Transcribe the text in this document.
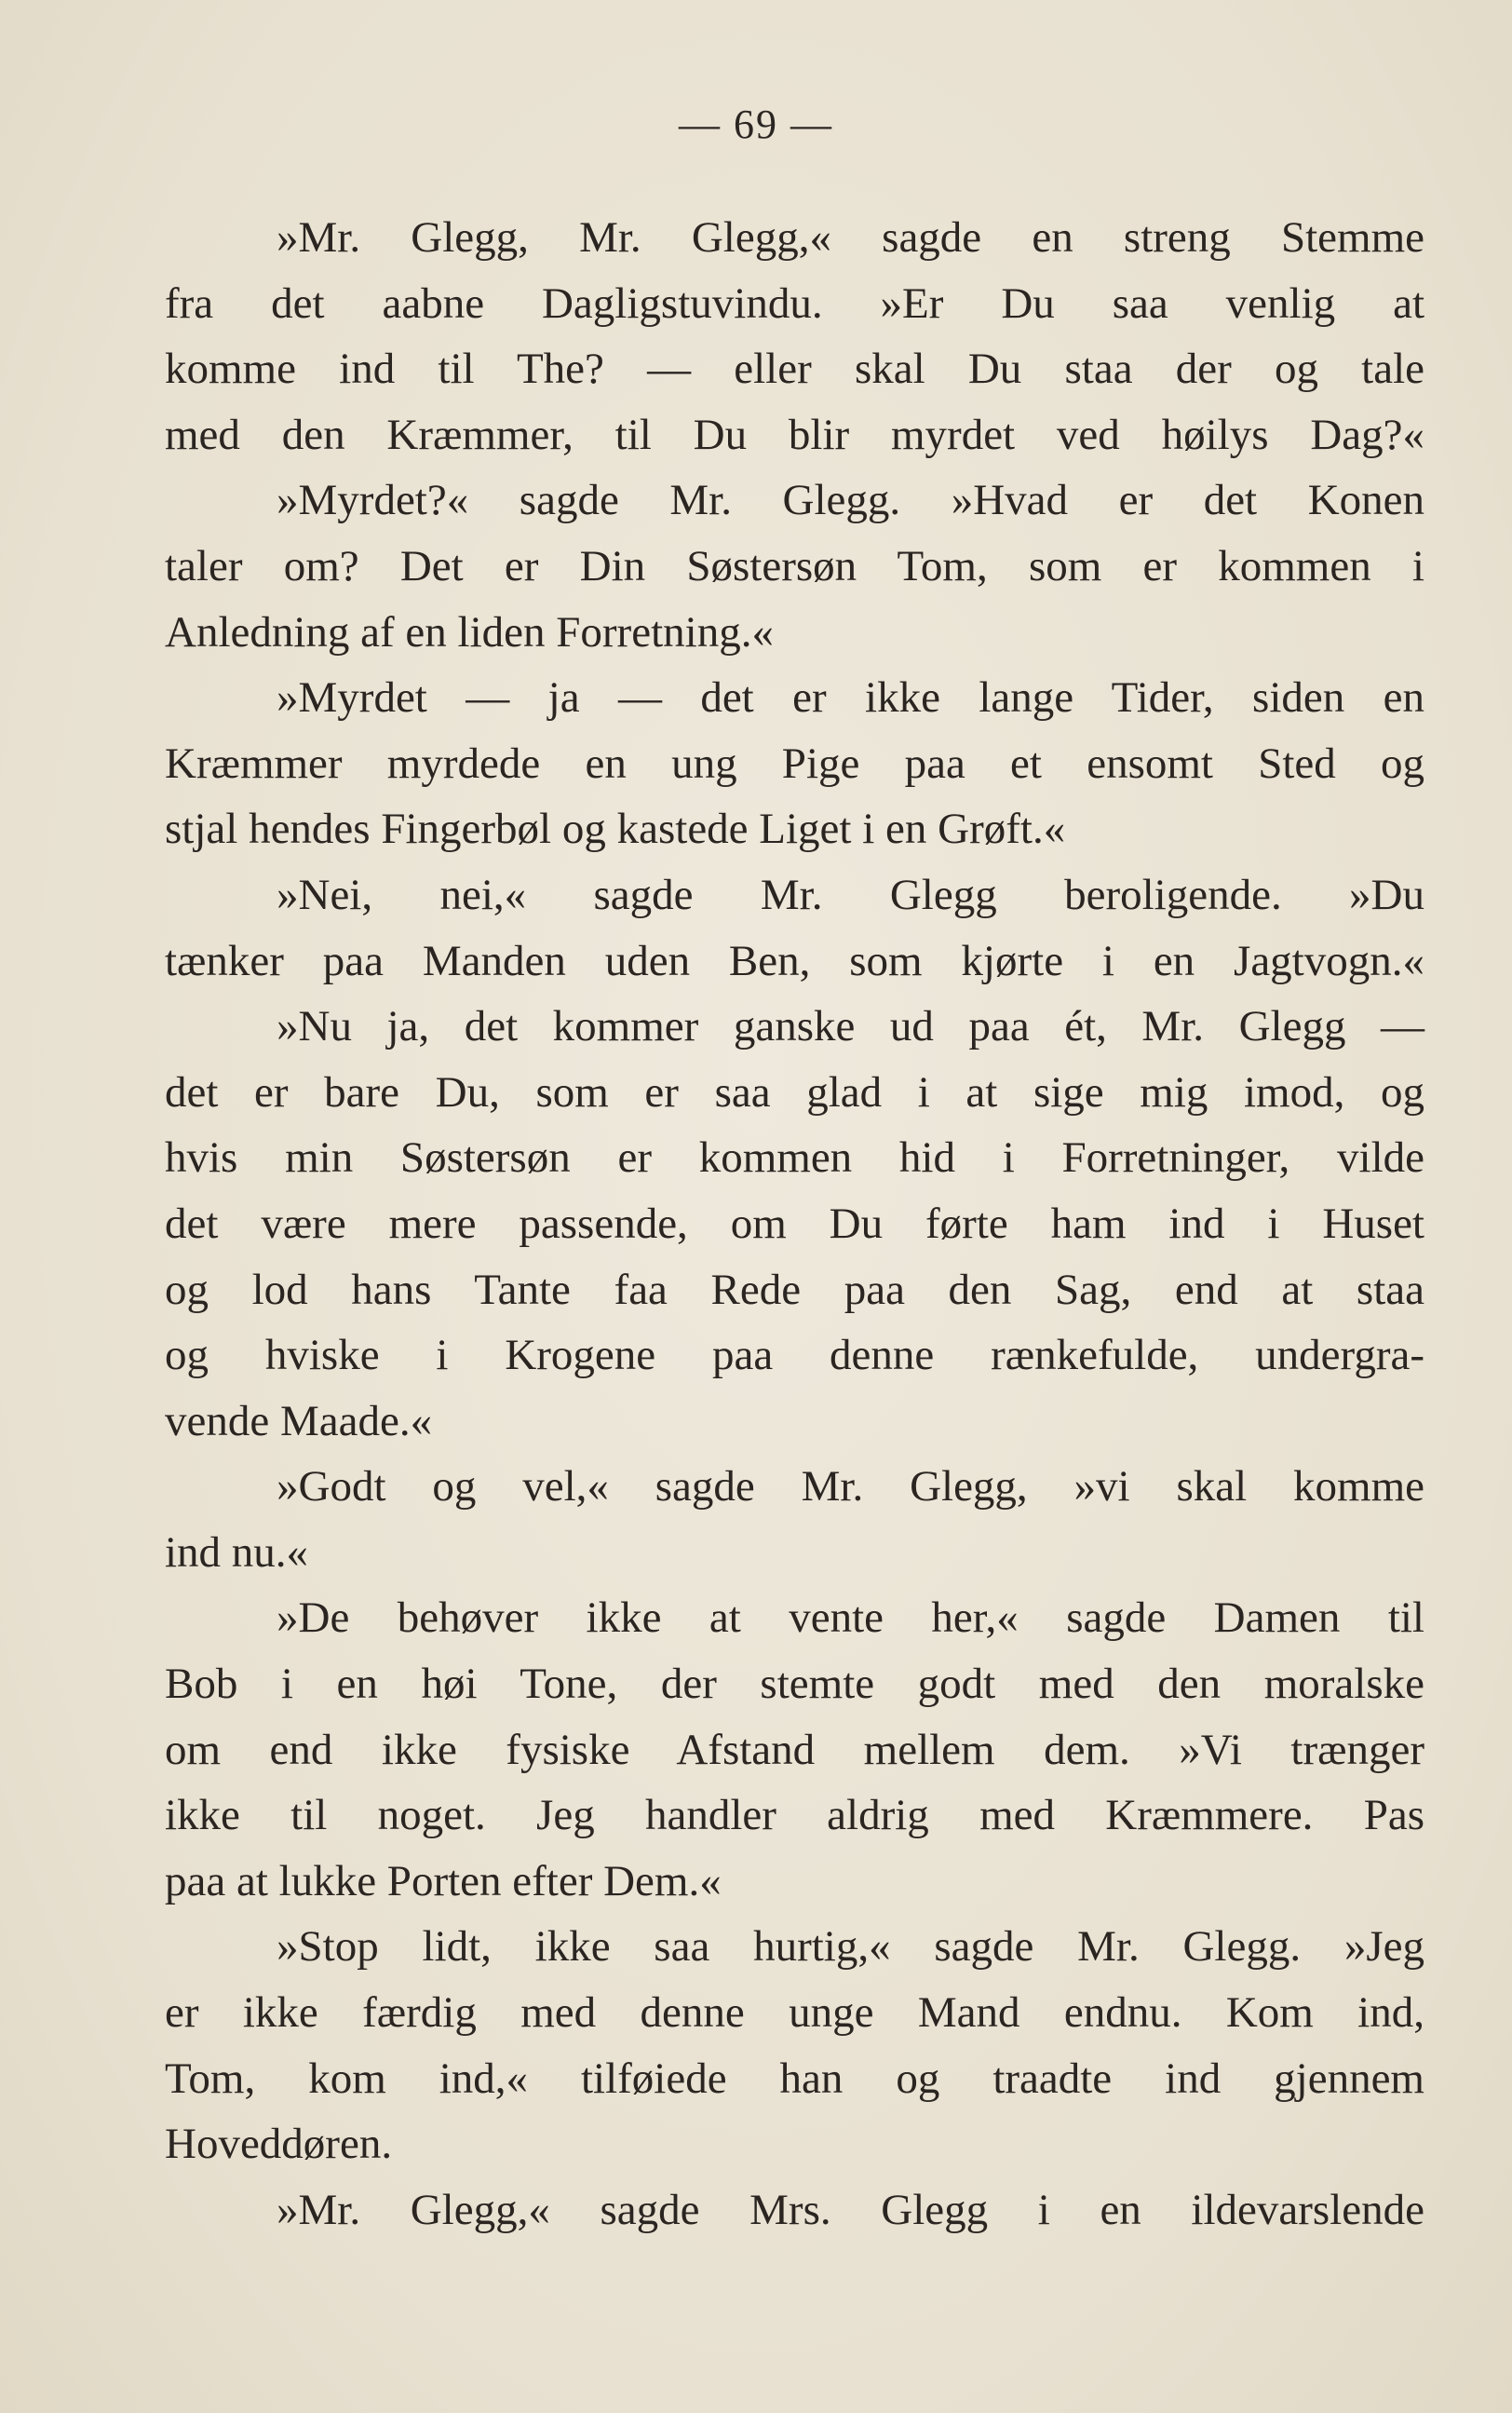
— 69 —
»Mr. Glegg, Mr. Glegg,« sagde en streng Stemme
fra det aabne Dagligstuvindu. »Er Du saa venlig at
komme ind til The? — eller skal Du staa der og tale
med den Kræmmer, til Du blir myrdet ved høilys Dag?«
»Myrdet?« sagde Mr. Glegg. »Hvad er det Konen
taler om? Det er Din Søstersøn Tom, som er kommen i
Anledning af en liden Forretning.«
»Myrdet — ja — det er ikke lange Tider, siden en
Kræmmer myrdede en ung Pige paa et ensomt Sted og
stjal hendes Fingerbøl og kastede Liget i en Grøft.«
»Nei, nei,« sagde Mr. Glegg beroligende. »Du
tænker paa Manden uden Ben, som kjørte i en Jagtvogn.«
»Nu ja, det kommer ganske ud paa ét, Mr. Glegg —
det er bare Du, som er saa glad i at sige mig imod, og
hvis min Søstersøn er kommen hid i Forretninger, vilde
det være mere passende, om Du førte ham ind i Huset
og lod hans Tante faa Rede paa den Sag, end at staa
og hviske i Krogene paa denne rænkefulde, undergra-
vende Maade.«
»Godt og vel,« sagde Mr. Glegg, »vi skal komme
ind nu.«
»De behøver ikke at vente her,« sagde Damen til
Bob i en høi Tone, der stemte godt med den moralske
om end ikke fysiske Afstand mellem dem. »Vi trænger
ikke til noget. Jeg handler aldrig med Kræmmere. Pas
paa at lukke Porten efter Dem.«
»Stop lidt, ikke saa hurtig,« sagde Mr. Glegg. »Jeg
er ikke færdig med denne unge Mand endnu. Kom ind,
Tom, kom ind,« tilføiede han og traadte ind gjennem
Hoveddøren.
»Mr. Glegg,« sagde Mrs. Glegg i en ildevarslende
